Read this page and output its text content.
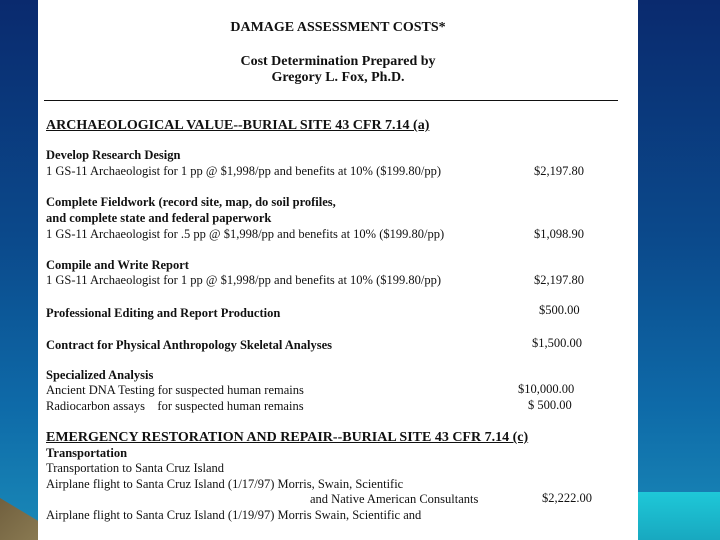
DAMAGE ASSESSMENT COSTS*
Cost Determination Prepared by
Gregory L. Fox, Ph.D.
ARCHAEOLOGICAL VALUE--BURIAL SITE 43 CFR 7.14 (a)
Develop Research Design
1 GS-11 Archaeologist for 1 pp @ $1,998/pp and benefits at 10% ($199.80/pp)	$2,197.80
Complete Fieldwork (record site, map, do soil profiles,
and complete state and federal paperwork
1 GS-11 Archaeologist for .5 pp @ $1,998/pp and benefits at 10% ($199.80/pp)	$1,098.90
Compile and Write Report
1 GS-11 Archaeologist for 1 pp @ $1,998/pp and benefits at 10% ($199.80/pp)	$2,197.80
Professional Editing and Report Production	$500.00
Contract for Physical Anthropology Skeletal Analyses	$1,500.00
Specialized Analysis
Ancient DNA Testing for suspected human remains	$10,000.00
Radiocarbon assays    for suspected human remains	$ 500.00
EMERGENCY RESTORATION AND REPAIR--BURIAL SITE 43 CFR 7.14 (c)
Transportation
Transportation to Santa Cruz Island
Airplane flight to Santa Cruz Island (1/17/97) Morris, Swain, Scientific
and Native American Consultants	$2,222.00
Airplane flight to Santa Cruz Island (1/19/97) Morris Swain, Scientific and
